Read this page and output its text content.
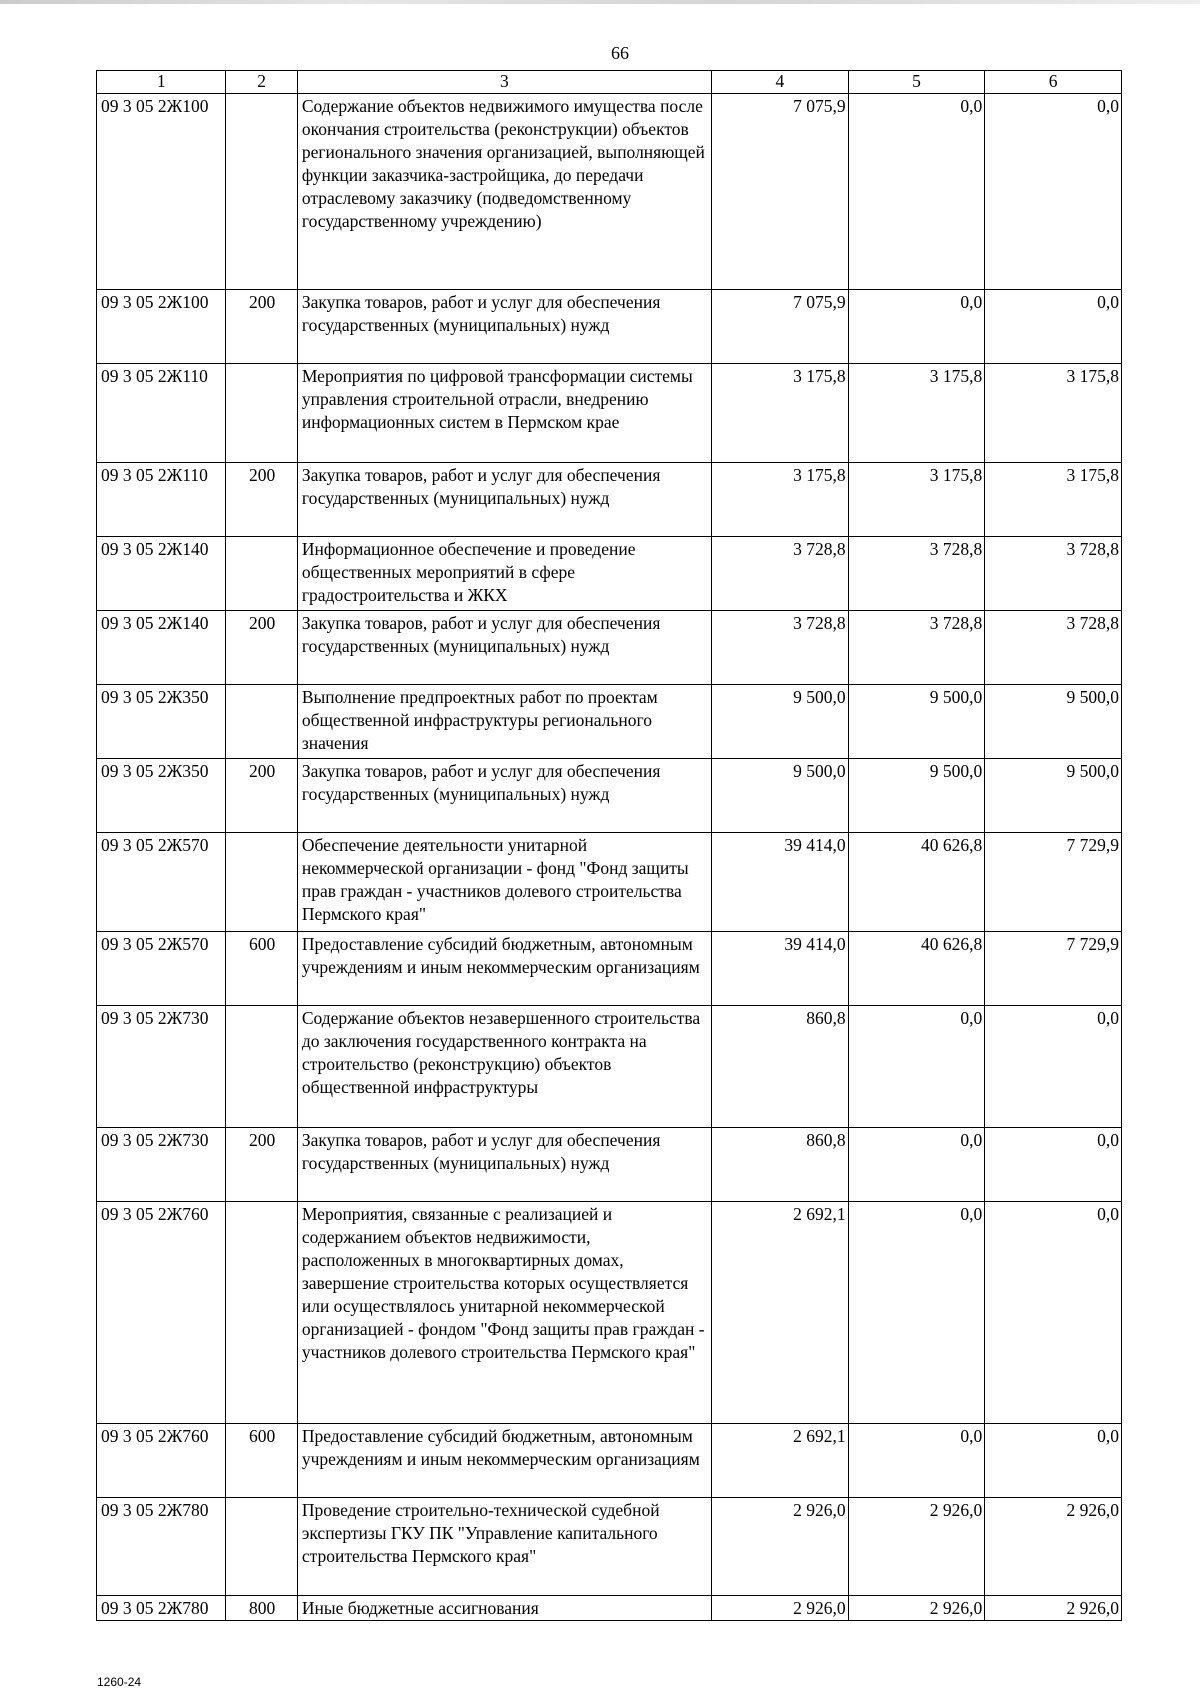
66
1	2	3	4	5	6
09 3 05 2Ж100		Содержание объектов недвижимого имущества после окончания строительства (реконструкции) объектов регионального значения организацией, выполняющей функции заказчика-застройщика, до передачи отраслевому заказчику (подведомственному государственному учреждению)	7 075,9	0,0	0,0
09 3 05 2Ж100	200	Закупка товаров, работ и услуг для обеспечения государственных (муниципальных) нужд	7 075,9	0,0	0,0
09 3 05 2Ж110		Мероприятия по цифровой трансформации системы управления строительной отрасли, внедрению информационных систем в Пермском крае	3 175,8	3 175,8	3 175,8
09 3 05 2Ж110	200	Закупка товаров, работ и услуг для обеспечения государственных (муниципальных) нужд	3 175,8	3 175,8	3 175,8
09 3 05 2Ж140		Информационное обеспечение и проведение общественных мероприятий в сфере градостроительства и ЖКХ	3 728,8	3 728,8	3 728,8
09 3 05 2Ж140	200	Закупка товаров, работ и услуг для обеспечения государственных (муниципальных) нужд	3 728,8	3 728,8	3 728,8
09 3 05 2Ж350		Выполнение предпроектных работ по проектам общественной инфраструктуры регионального значения	9 500,0	9 500,0	9 500,0
09 3 05 2Ж350	200	Закупка товаров, работ и услуг для обеспечения государственных (муниципальных) нужд	9 500,0	9 500,0	9 500,0
09 3 05 2Ж570		Обеспечение деятельности унитарной некоммерческой организации - фонд "Фонд защиты прав граждан - участников долевого строительства Пермского края"	39 414,0	40 626,8	7 729,9
09 3 05 2Ж570	600	Предоставление субсидий бюджетным, автономным учреждениям и иным некоммерческим организациям	39 414,0	40 626,8	7 729,9
09 3 05 2Ж730		Содержание объектов незавершенного строительства до заключения государственного контракта на строительство (реконструкцию) объектов общественной инфраструктуры	860,8	0,0	0,0
09 3 05 2Ж730	200	Закупка товаров, работ и услуг для обеспечения государственных (муниципальных) нужд	860,8	0,0	0,0
09 3 05 2Ж760		Мероприятия, связанные с реализацией и содержанием объектов недвижимости, расположенных в многоквартирных домах, завершение строительства которых осуществляется или осуществлялось унитарной некоммерческой организацией - фондом "Фонд защиты прав граждан - участников долевого строительства Пермского края"	2 692,1	0,0	0,0
09 3 05 2Ж760	600	Предоставление субсидий бюджетным, автономным учреждениям и иным некоммерческим организациям	2 692,1	0,0	0,0
09 3 05 2Ж780		Проведение строительно-технической судебной экспертизы ГКУ ПК "Управление капитального строительства Пермского края"	2 926,0	2 926,0	2 926,0
09 3 05 2Ж780	800	Иные бюджетные ассигнования	2 926,0	2 926,0	2 926,0
1260-24
